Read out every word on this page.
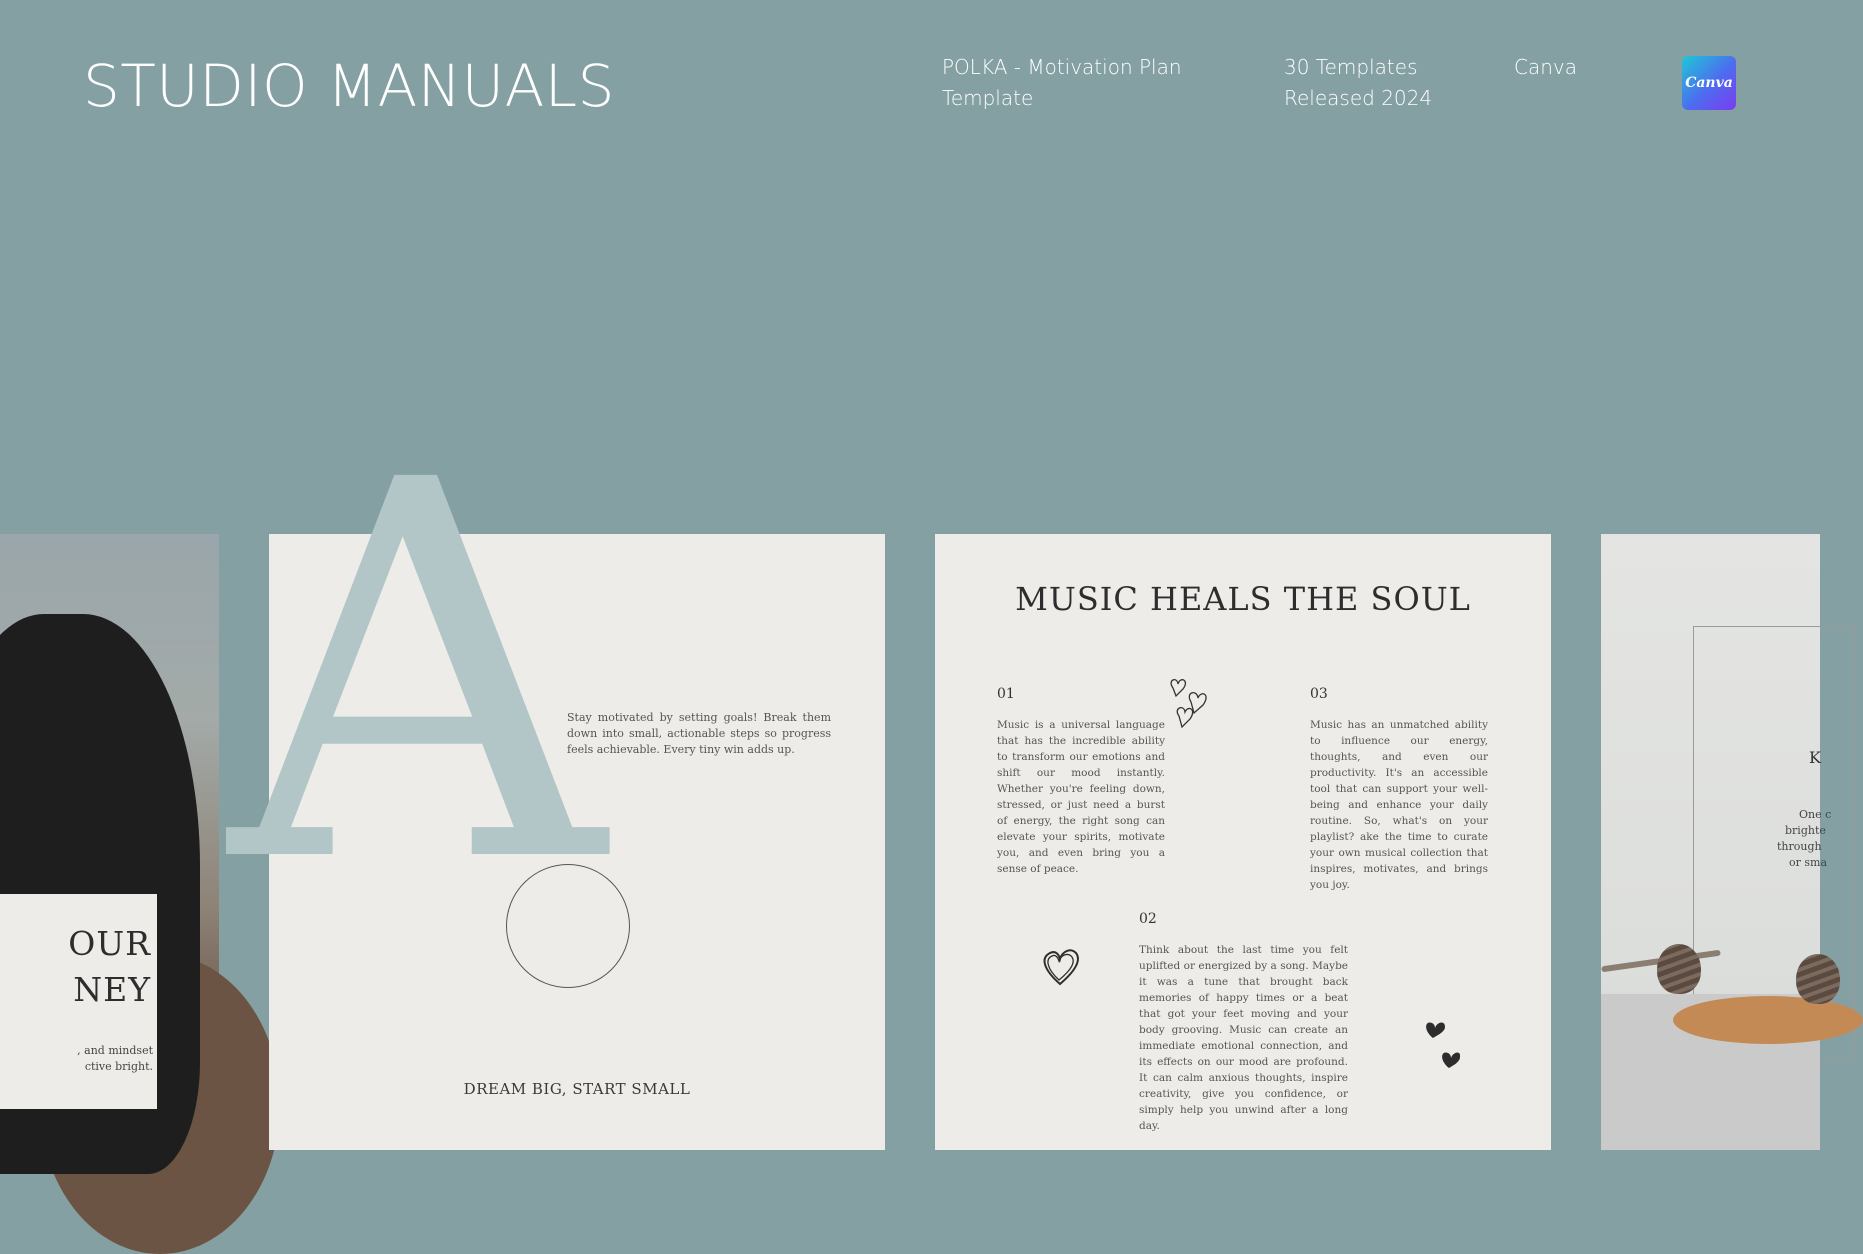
STUDIO MANUALS	POLKA - Motivation Plan
Template
30 Templates
Released 2024
Canva
Canva
OUR
NEY
, and mindset
ctive bright.
A
Stay motivated by setting goals! Break them down into small, actionable steps so progress feels achievable. Every tiny win adds up.
DREAM BIG, START SMALL
MUSIC HEALS THE SOUL
01
Music is a universal language that has the incredible ability to transform our emotions and shift our mood instantly. Whether you're feeling down, stressed, or just need a burst of energy, the right song can elevate your spirits, motivate you, and even bring you a sense of peace.
03
Music has an unmatched ability to influence our energy, thoughts, and even our productivity. It's an accessible tool that can support your well-being and enhance your daily routine. So, what's on your playlist? ake the time to curate your own musical collection that inspires, motivates, and brings you joy.
02
Think about the last time you felt uplifted or energized by a song. Maybe it was a tune that brought back memories of happy times or a beat that got your feet moving and your body grooving. Music can create an immediate emotional connection, and its effects on our mood are profound. It can calm anxious thoughts, inspire creativity, give you confidence, or simply help you unwind after a long day.
K
One c
brighte
through
or sma
